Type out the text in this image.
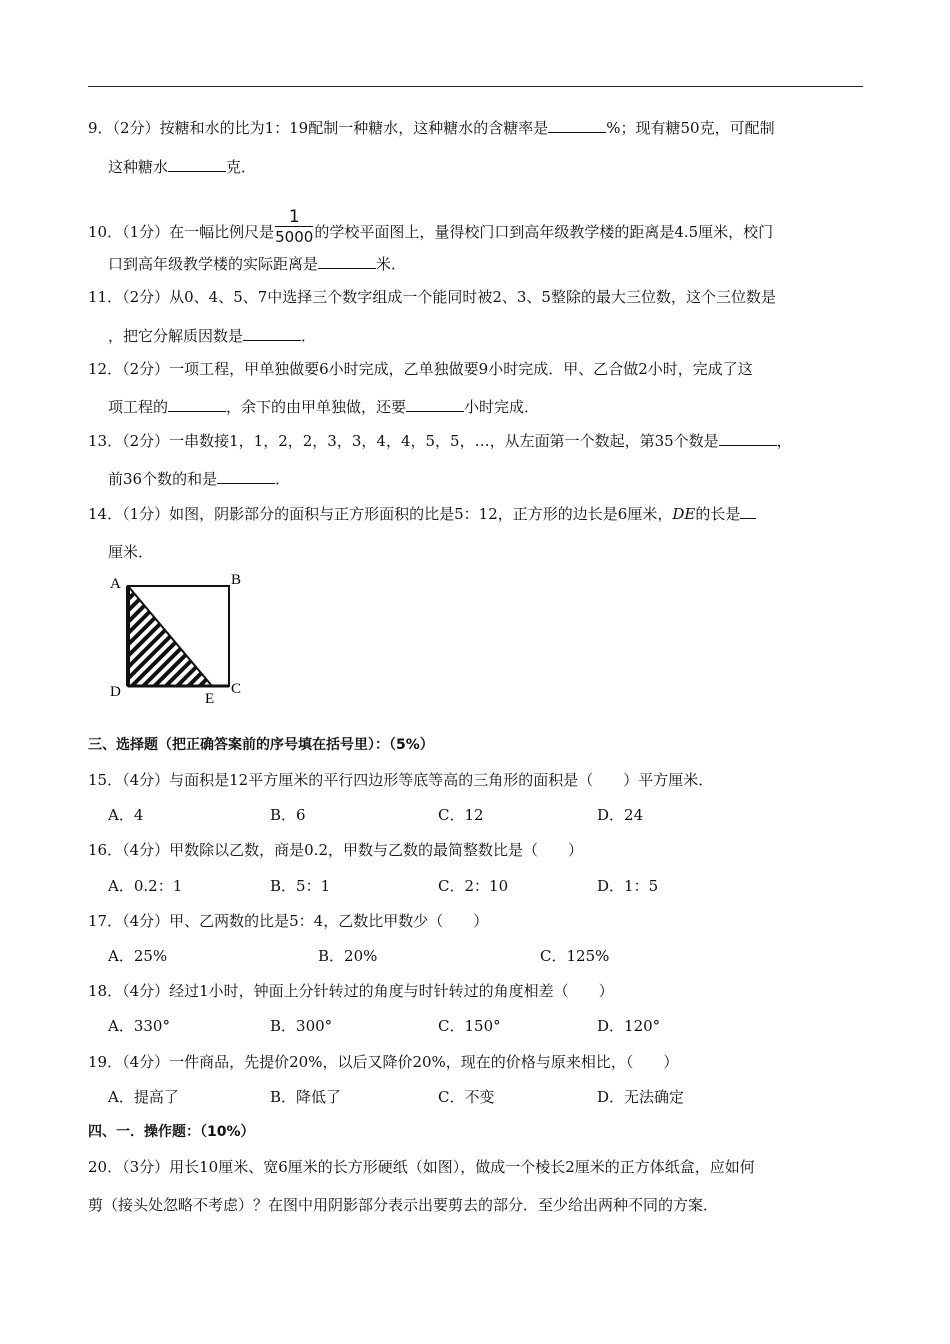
9．（2分）按糖和水的比为1：19配制一种糖水，这种糖水的含糖率是	%；现有糖50克，可配制
这种糖水	克．
10．（1分）在一幅比例尺是 $\frac{1}{5000}$ 的学校平面图上，量得校门口到高年级教学楼的距离是4.5厘米，校门
口到高年级教学楼的实际距离是	米．
11．（2分）从0、4、5、7中选择三个数字组成一个能同时被2、3、5整除的最大三位数，这个三位数是
，把它分解质因数是	．
12．（2分）一项工程，甲单独做要6小时完成，乙单独做要9小时完成．甲、乙合做2小时，完成了这
项工程的	，余下的由甲单独做，还要	小时完成．
13．（2分）一串数接1，1，2，2，3，3，4，4，5，5，…，从左面第一个数起，第35个数是	，
前36个数的和是	．
14．（1分）如图，阴影部分的面积与正方形面积的比是5：12，正方形的边长是6厘米，DE的长是
厘米．
A	B
C
D	E
三、选择题（把正确答案前的序号填在括号里）：（5%）
15．（4分）与面积是12平方厘米的平行四边形等底等高的三角形的面积是（　　）平方厘米．
A．4	B．6	C．12	D．24
16．（4分）甲数除以乙数，商是0.2，甲数与乙数的最简整数比是（　　）
A．0.2：1	B．5：1	C．2：10	D．1：5
17．（4分）甲、乙两数的比是5：4，乙数比甲数少（　　）
A．25%	B．20%	C．125%
18．（4分）经过1小时，钟面上分针转过的角度与时针转过的角度相差（　　）
A．330°	B．300°	C．150°	D．120°
19．（4分）一件商品，先提价20%，以后又降价20%，现在的价格与原来相比，（　　）
A．提高了	B．降低了	C．不变	D．无法确定
四、一．操作题：（10%）
20．（3分）用长10厘米、宽6厘米的长方形硬纸（如图），做成一个棱长2厘米的正方体纸盒，应如何
剪（接头处忽略不考虑）？在图中用阴影部分表示出要剪去的部分．至少给出两种不同的方案．
